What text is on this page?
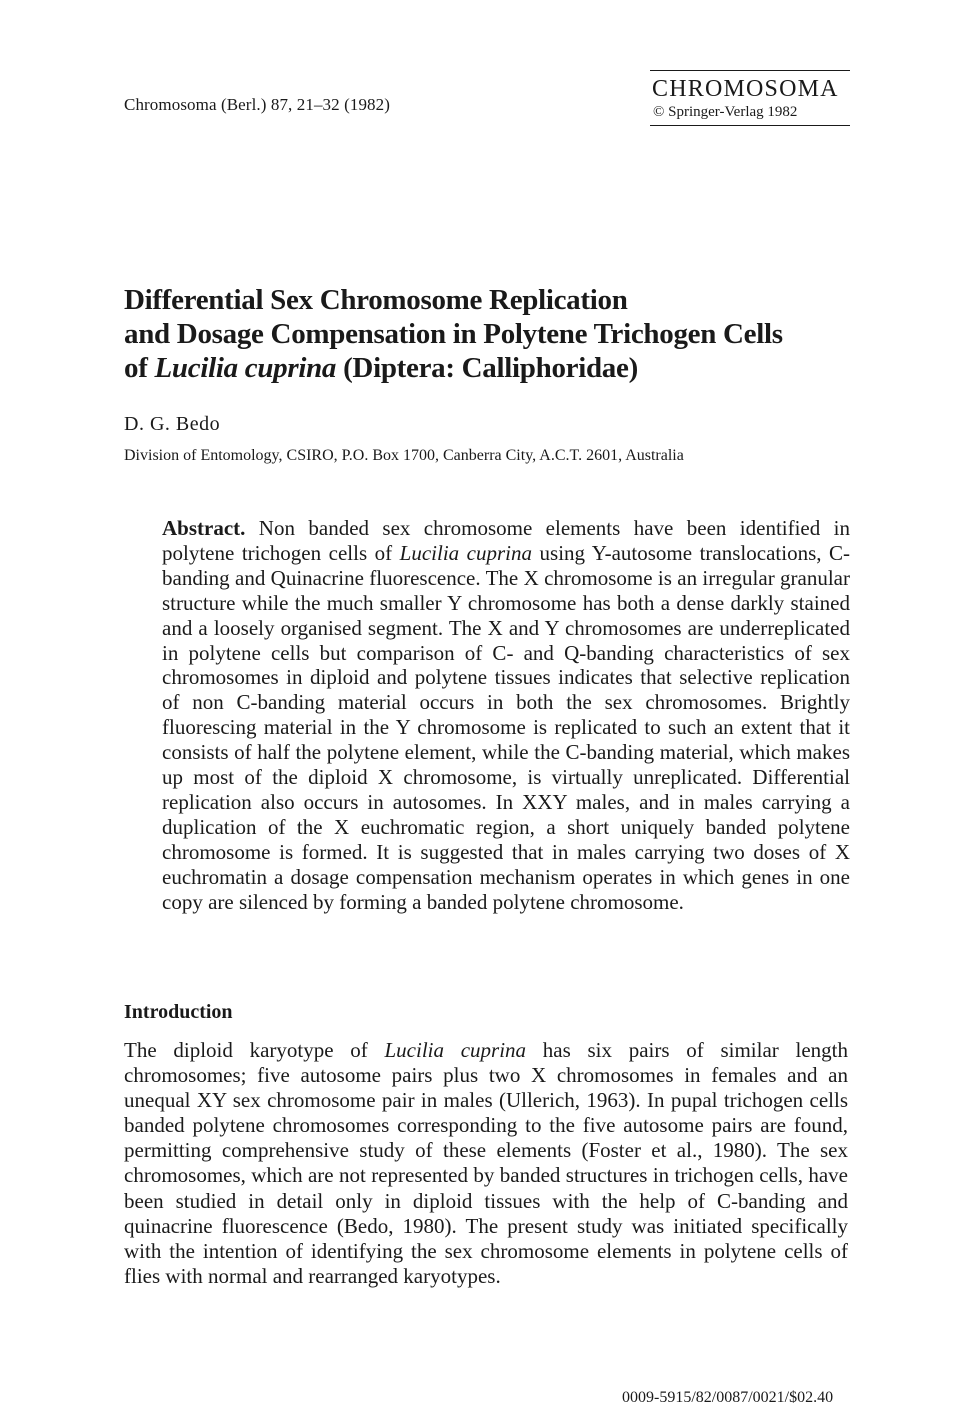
Chromosoma (Berl.) 87, 21–32 (1982)
CHROMOSOMA
© Springer-Verlag 1982
Differential Sex Chromosome Replication
and Dosage Compensation in Polytene Trichogen Cells
of Lucilia cuprina (Diptera: Calliphoridae)
D. G. Bedo
Division of Entomology, CSIRO, P.O. Box 1700, Canberra City, A.C.T. 2601, Australia
Abstract. Non banded sex chromosome elements have been identified in polytene trichogen cells of Lucilia cuprina using Y-autosome translocations, C-banding and Quinacrine fluorescence. The X chromosome is an irregular granular structure while the much smaller Y chromosome has both a dense darkly stained and a loosely organised segment. The X and Y chromosomes are underreplicated in polytene cells but comparison of C- and Q-banding characteristics of sex chromosomes in diploid and polytene tissues indicates that selective replication of non C-banding material occurs in both the sex chromosomes. Brightly fluorescing material in the Y chromosome is replicated to such an extent that it consists of half the polytene element, while the C-banding material, which makes up most of the diploid X chromosome, is virtually unreplicated. Differential replication also occurs in autosomes. In XXY males, and in males carrying a duplication of the X euchromatic region, a short uniquely banded polytene chromosome is formed. It is suggested that in males carrying two doses of X euchromatin a dosage compensation mechanism operates in which genes in one copy are silenced by forming a banded polytene chromosome.
Introduction
The diploid karyotype of Lucilia cuprina has six pairs of similar length chromosomes; five autosome pairs plus two X chromosomes in females and an unequal XY sex chromosome pair in males (Ullerich, 1963). In pupal trichogen cells banded polytene chromosomes corresponding to the five autosome pairs are found, permitting comprehensive study of these elements (Foster et al., 1980). The sex chromosomes, which are not represented by banded structures in trichogen cells, have been studied in detail only in diploid tissues with the help of C-banding and quinacrine fluorescence (Bedo, 1980). The present study was initiated specifically with the intention of identifying the sex chromosome elements in polytene cells of flies with normal and rearranged karyotypes.
0009-5915/82/0087/0021/$02.40
